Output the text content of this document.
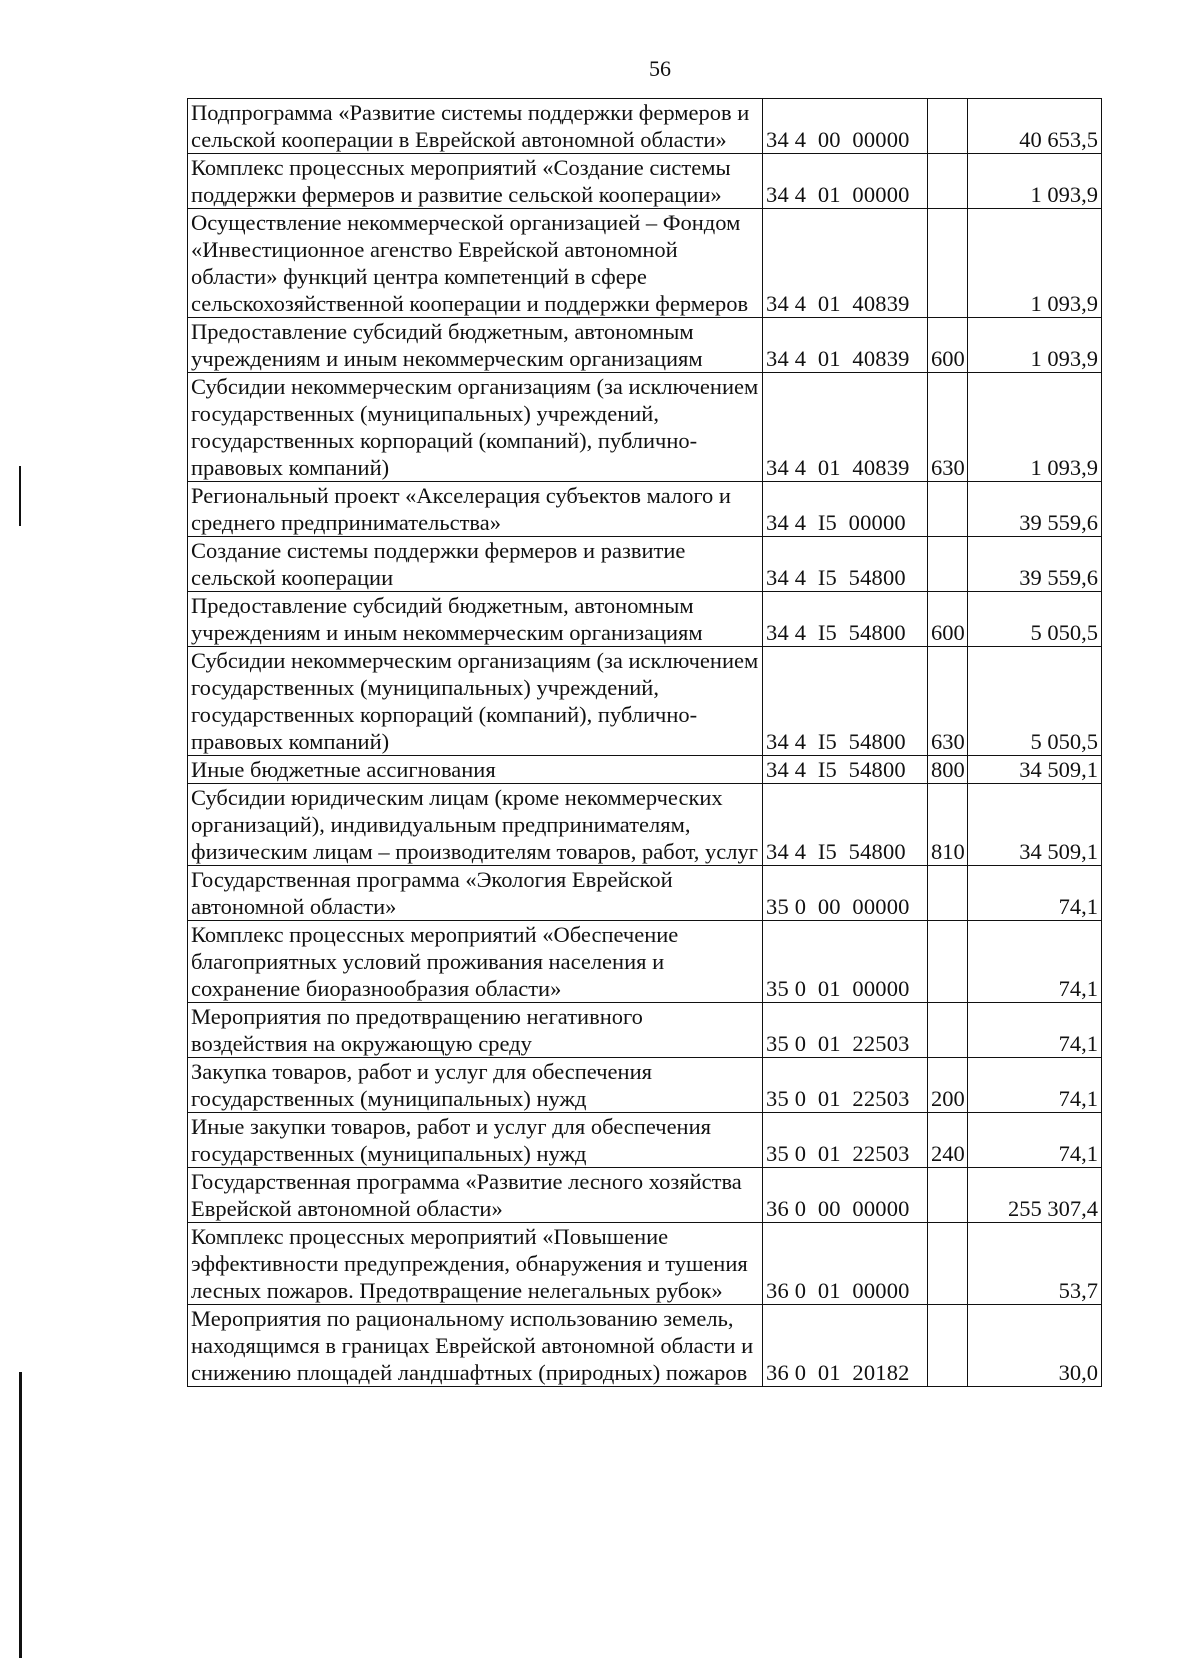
56
Подпрограмма «Развитие системы поддержки фермеров и сельской кооперации в Еврейской автономной области»	34 4  00  00000		40 653,5
Комплекс процессных мероприятий «Создание системы поддержки фермеров и развитие сельской кооперации»	34 4  01  00000		1 093,9
Осуществление некоммерческой организацией – Фондом «Инвестиционное агенство Еврейской автономной области» функций центра компетенций в сфере сельскохозяйственной кооперации и поддержки фермеров	34 4  01  40839		1 093,9
Предоставление субсидий бюджетным, автономным учреждениям и иным некоммерческим организациям	34 4  01  40839	600	1 093,9
Субсидии некоммерческим организациям (за исключением государственных (муниципальных) учреждений, государственных корпораций (компаний), публично-правовых компаний)	34 4  01  40839	630	1 093,9
Региональный проект «Акселерация субъектов малого и среднего предпринимательства»	34 4  I5  00000		39 559,6
Создание системы поддержки фермеров и развитие сельской кооперации	34 4  I5  54800		39 559,6
Предоставление субсидий бюджетным, автономным учреждениям и иным некоммерческим организациям	34 4  I5  54800	600	5 050,5
Субсидии некоммерческим организациям (за исключением государственных (муниципальных) учреждений, государственных корпораций (компаний), публично-правовых компаний)	34 4  I5  54800	630	5 050,5
Иные бюджетные ассигнования	34 4  I5  54800	800	34 509,1
Субсидии юридическим лицам (кроме некоммерческих организаций), индивидуальным предпринимателям, физическим лицам – производителям товаров, работ, услуг	34 4  I5  54800	810	34 509,1
Государственная программа «Экология Еврейской автономной области»	35 0  00  00000		74,1
Комплекс процессных мероприятий «Обеспечение благоприятных условий проживания населения и сохранение биоразнообразия области»	35 0  01  00000		74,1
Мероприятия по предотвращению негативного воздействия на окружающую среду	35 0  01  22503		74,1
Закупка товаров, работ и услуг для обеспечения государственных (муниципальных) нужд	35 0  01  22503	200	74,1
Иные закупки товаров, работ и услуг для обеспечения государственных (муниципальных) нужд	35 0  01  22503	240	74,1
Государственная программа «Развитие лесного хозяйства Еврейской автономной области»	36 0  00  00000		255 307,4
Комплекс процессных мероприятий «Повышение эффективности предупреждения, обнаружения и тушения лесных пожаров. Предотвращение нелегальных рубок»	36 0  01  00000		53,7
Мероприятия по рациональному использованию земель, находящимся в границах Еврейской автономной области и снижению площадей ландшафтных (природных) пожаров	36 0  01  20182		30,0
